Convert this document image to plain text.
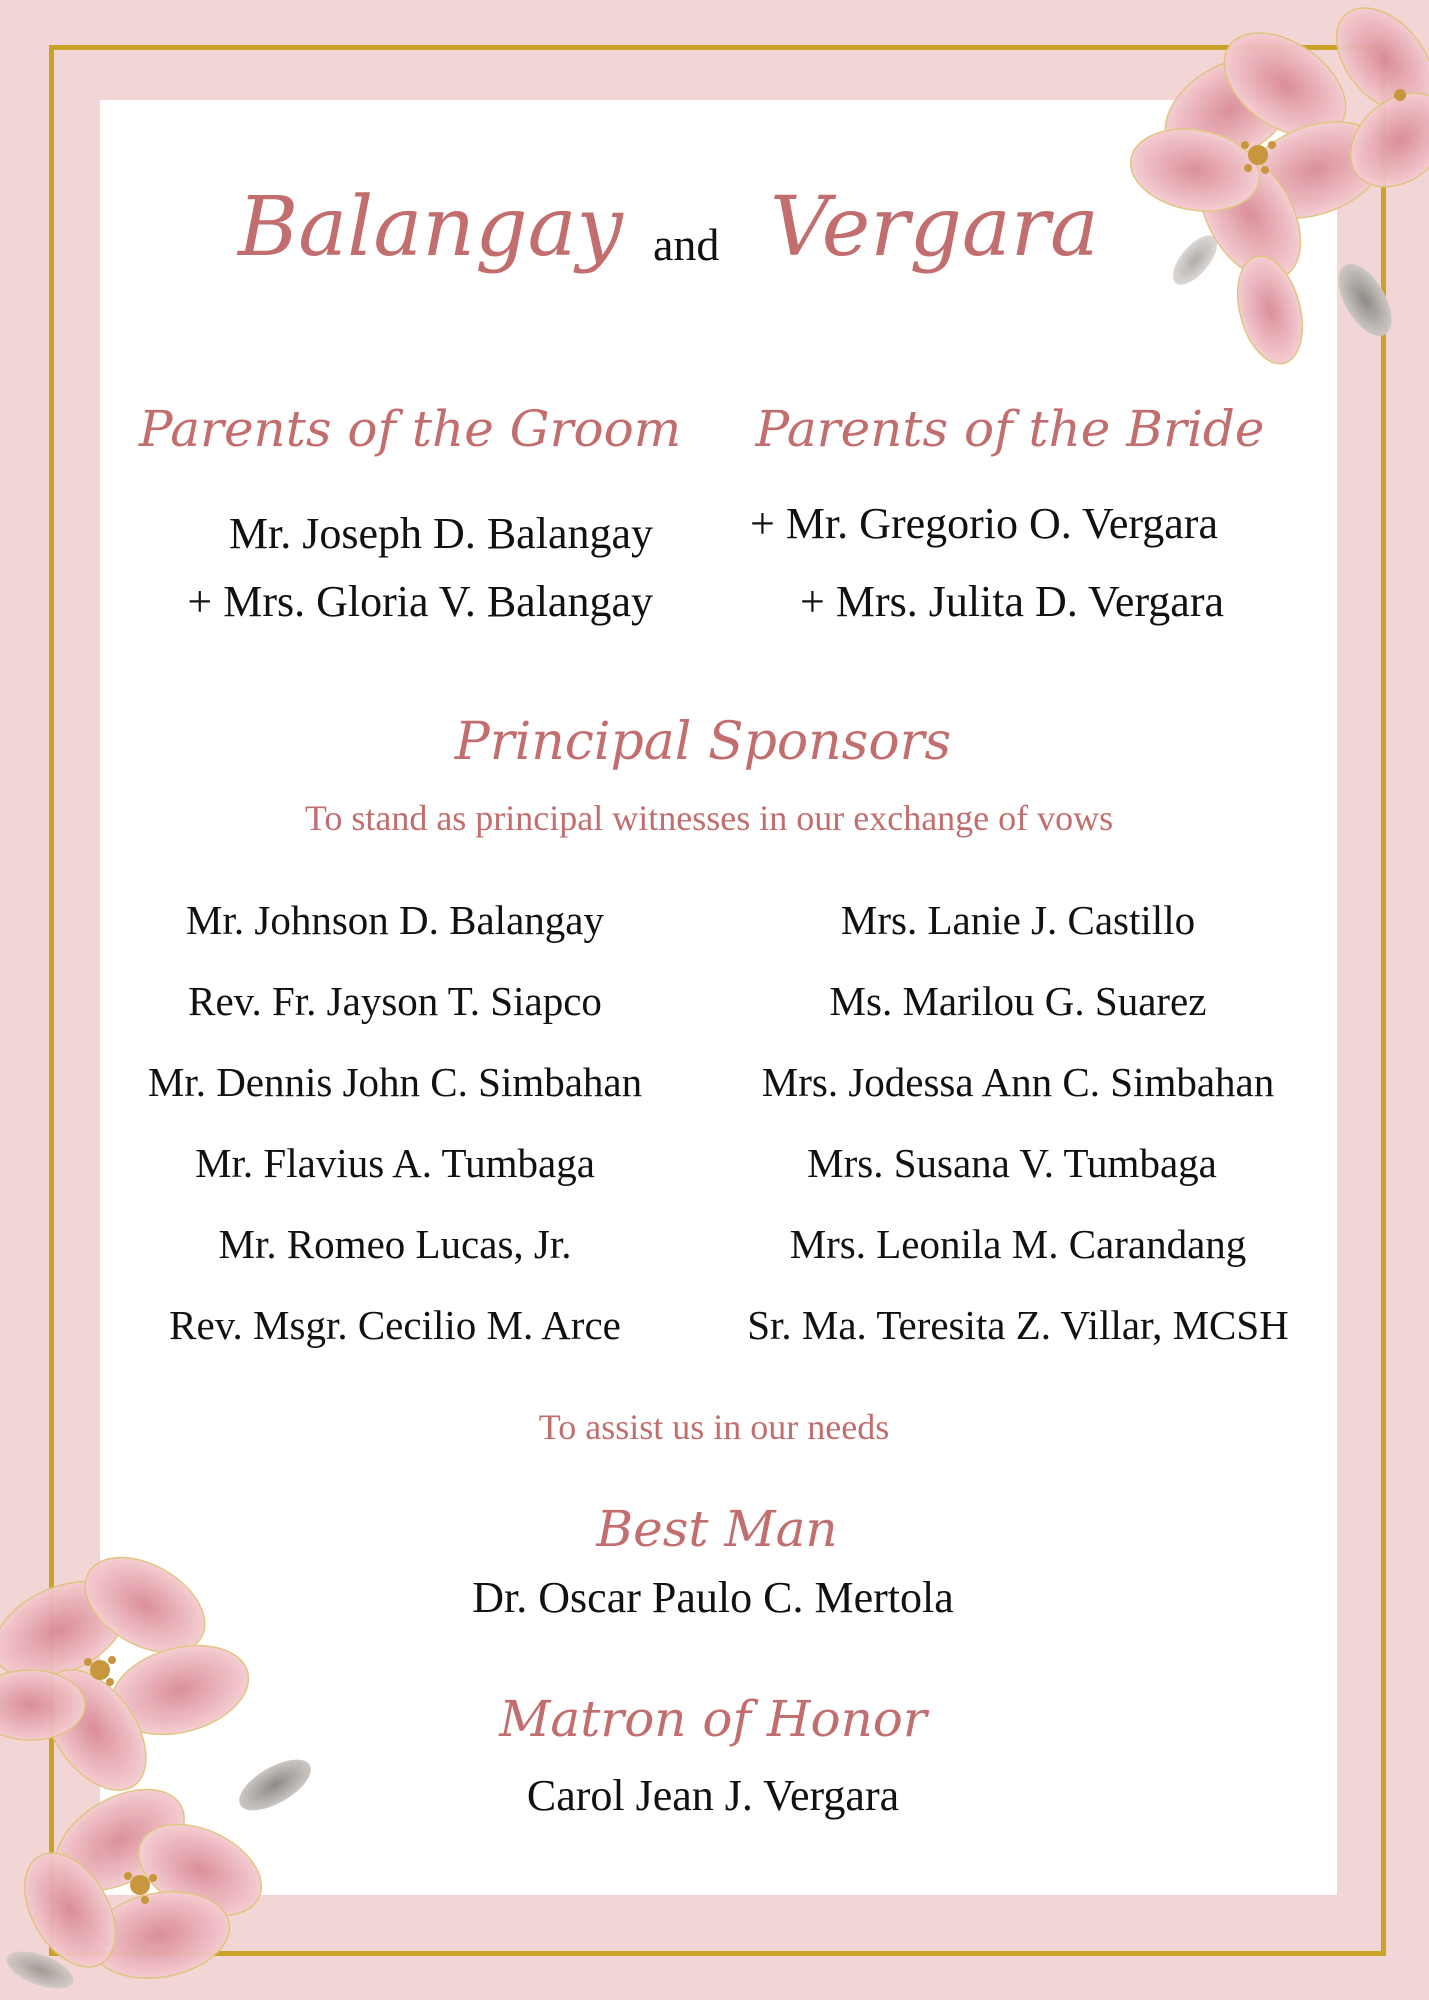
Balangay and Vergara
Parents of the Groom Parents of the Bride
Mr. Joseph D. Balangay
+ Mrs. Gloria V. Balangay
+ Mr. Gregorio O. Vergara
+ Mrs. Julita D. Vergara
Principal Sponsors
To stand as principal witnesses in our exchange of vows
Mr. Johnson D. Balangay
Rev. Fr. Jayson T. Siapco
Mr. Dennis John C. Simbahan
Mr. Flavius A. Tumbaga
Mr. Romeo Lucas, Jr.
Rev. Msgr. Cecilio M. Arce
Mrs. Lanie J. Castillo
Ms. Marilou G. Suarez
Mrs. Jodessa Ann C. Simbahan
Mrs. Susana V. Tumbaga
Mrs. Leonila M. Carandang
Sr. Ma. Teresita Z. Villar, MCSH
To assist us in our needs
Best Man
Dr. Oscar Paulo C. Mertola
Matron of Honor
Carol Jean J. Vergara
